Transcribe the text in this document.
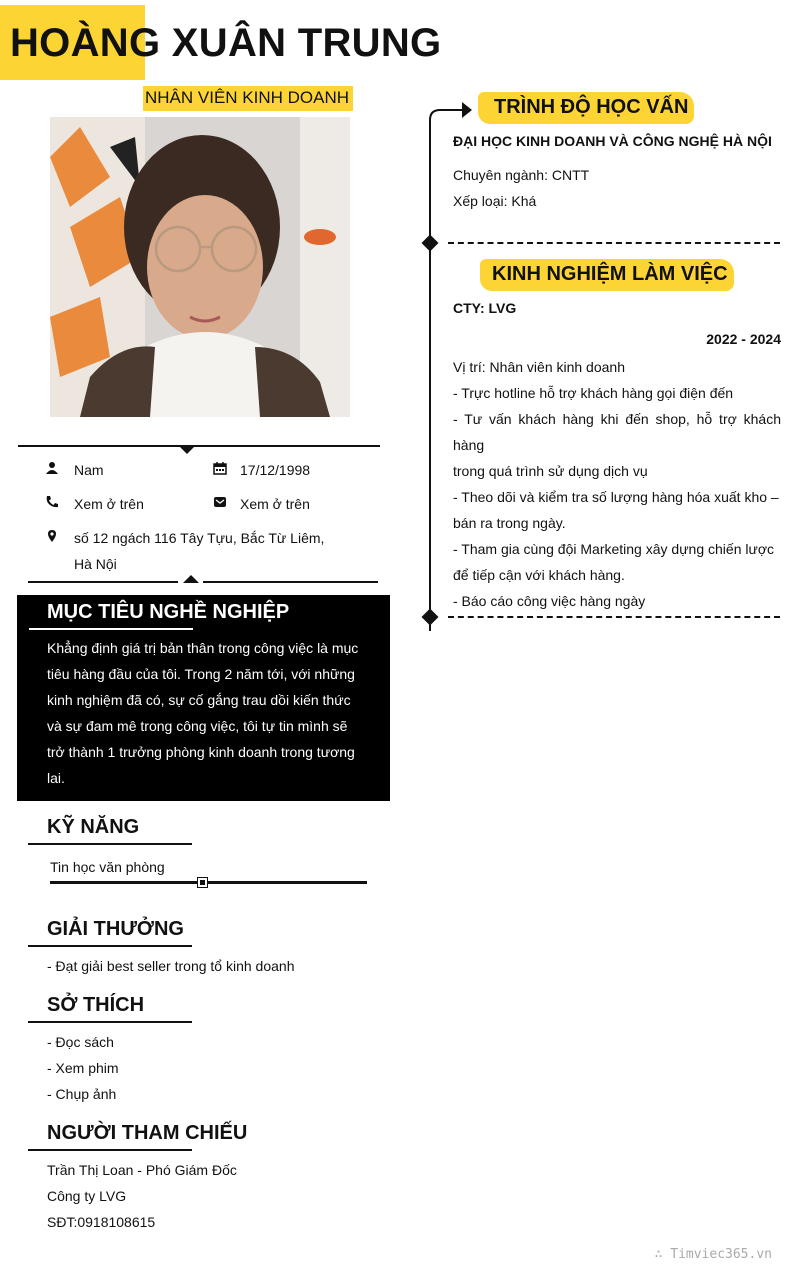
HOÀNG XUÂN TRUNG
NHÂN VIÊN KINH DOANH
Nam	17/12/1998
Xem ở trên	Xem ở trên
số 12 ngách 116 Tây Tựu, Bắc Từ Liêm,
Hà Nội
MỤC TIÊU NGHỀ NGHIỆP
Khẳng định giá trị bản thân trong công việc là mục
tiêu hàng đầu của tôi. Trong 2 năm tới, với những
kinh nghiệm đã có, sự cố gắng trau dồi kiến thức
và sự đam mê trong công việc, tôi tự tin mình sẽ
trở thành 1 trưởng phòng kinh doanh trong tương
lai.
KỸ NĂNG
Tin học văn phòng
GIẢI THƯỞNG
- Đạt giải best seller trong tổ kinh doanh
SỞ THÍCH
- Đọc sách
- Xem phim
- Chụp ảnh
NGƯỜI THAM CHIẾU
Trần Thị Loan - Phó Giám Đốc
Công ty LVG
SĐT:0918108615
TRÌNH ĐỘ HỌC VẤN
ĐẠI HỌC KINH DOANH VÀ CÔNG NGHỆ HÀ NỘI
Chuyên ngành: CNTT
Xếp loại: Khá
KINH NGHIỆM LÀM VIỆC
CTY: LVG
2022 - 2024
Vị trí: Nhân viên kinh doanh
- Trực hotline hỗ trợ khách hàng gọi điện đến
- Tư vấn khách hàng khi đến shop, hỗ trợ khách hàng
trong quá trình sử dụng dịch vụ
- Theo dõi và kiểm tra số lượng hàng hóa xuất kho –
bán ra trong ngày.
- Tham gia cùng đội Marketing xây dựng chiến lược
để tiếp cận với khách hàng.
- Báo cáo công việc hàng ngày
∴ Timviec365.vn
